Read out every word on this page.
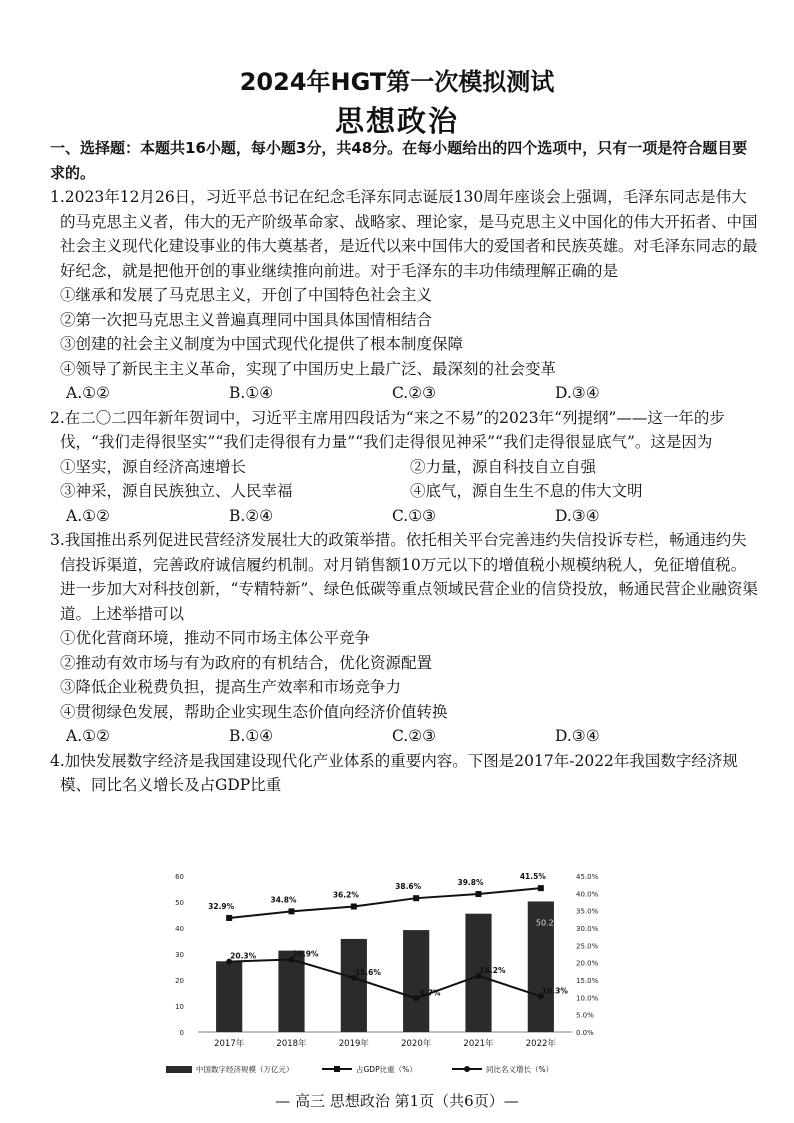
2024年HGT第一次模拟测试
思想政治
一、选择题：本题共16小题，每小题3分，共48分。在每小题给出的四个选项中，只有一项是符合题目要求的。
1.2023年12月26日，习近平总书记在纪念毛泽东同志诞辰130周年座谈会上强调，毛泽东同志是伟大的马克思主义者，伟大的无产阶级革命家、战略家、理论家，是马克思主义中国化的伟大开拓者、中国社会主义现代化建设事业的伟大奠基者，是近代以来中国伟大的爱国者和民族英雄。对毛泽东同志的最好纪念，就是把他开创的事业继续推向前进。对于毛泽东的丰功伟绩理解正确的是
①继承和发展了马克思主义，开创了中国特色社会主义
②第一次把马克思主义普遍真理同中国具体国情相结合
③创建的社会主义制度为中国式现代化提供了根本制度保障
④领导了新民主主义革命，实现了中国历史上最广泛、最深刻的社会变革
A.①②	B.①④	C.②③	D.③④
2.在二〇二四年新年贺词中，习近平主席用四段话为“来之不易”的2023年“列提纲”——这一年的步伐，“我们走得很坚实”“我们走得很有力量”“我们走得很见神采”“我们走得很显底气”。这是因为
①坚实，源自经济高速增长	②力量，源自科技自立自强
③神采，源自民族独立、人民幸福	④底气，源自生生不息的伟大文明
A.①②	B.②④	C.①③	D.③④
3.我国推出系列促进民营经济发展壮大的政策举措。依托相关平台完善违约失信投诉专栏，畅通违约失信投诉渠道，完善政府诚信履约机制。对月销售额10万元以下的增值税小规模纳税人，免征增值税。进一步加大对科技创新，“专精特新”、绿色低碳等重点领域民营企业的信贷投放，畅通民营企业融资渠道。上述举措可以
①优化营商环境，推动不同市场主体公平竞争
②推动有效市场与有为政府的有机结合，优化资源配置
③降低企业税费负担，提高生产效率和市场竞争力
④贯彻绿色发展，帮助企业实现生态价值向经济价值转换
A.①②	B.①④	C.②③	D.③④
4.加快发展数字经济是我国建设现代化产业体系的重要内容。下图是2017年-2022年我国数字经济规模、同比名义增长及占GDP比重
0
10
20
30
40
50
60
0.0%
5.0%
10.0%
15.0%
20.0%
25.0%
30.0%
35.0%
40.0%
45.0%
50.2
2017年	2018年	2019年	2020年	2021年	2022年
32.9%
34.8%
36.2%
38.6%	39.8%
41.5%
20.3%	20.9%
15.6%
9.7%
16.2%
10.3%
中国数字经济规模（万亿元）	占GDP比重（%）	同比名义增长（%）
— 高三 思想政治 第1页（共6页）—
